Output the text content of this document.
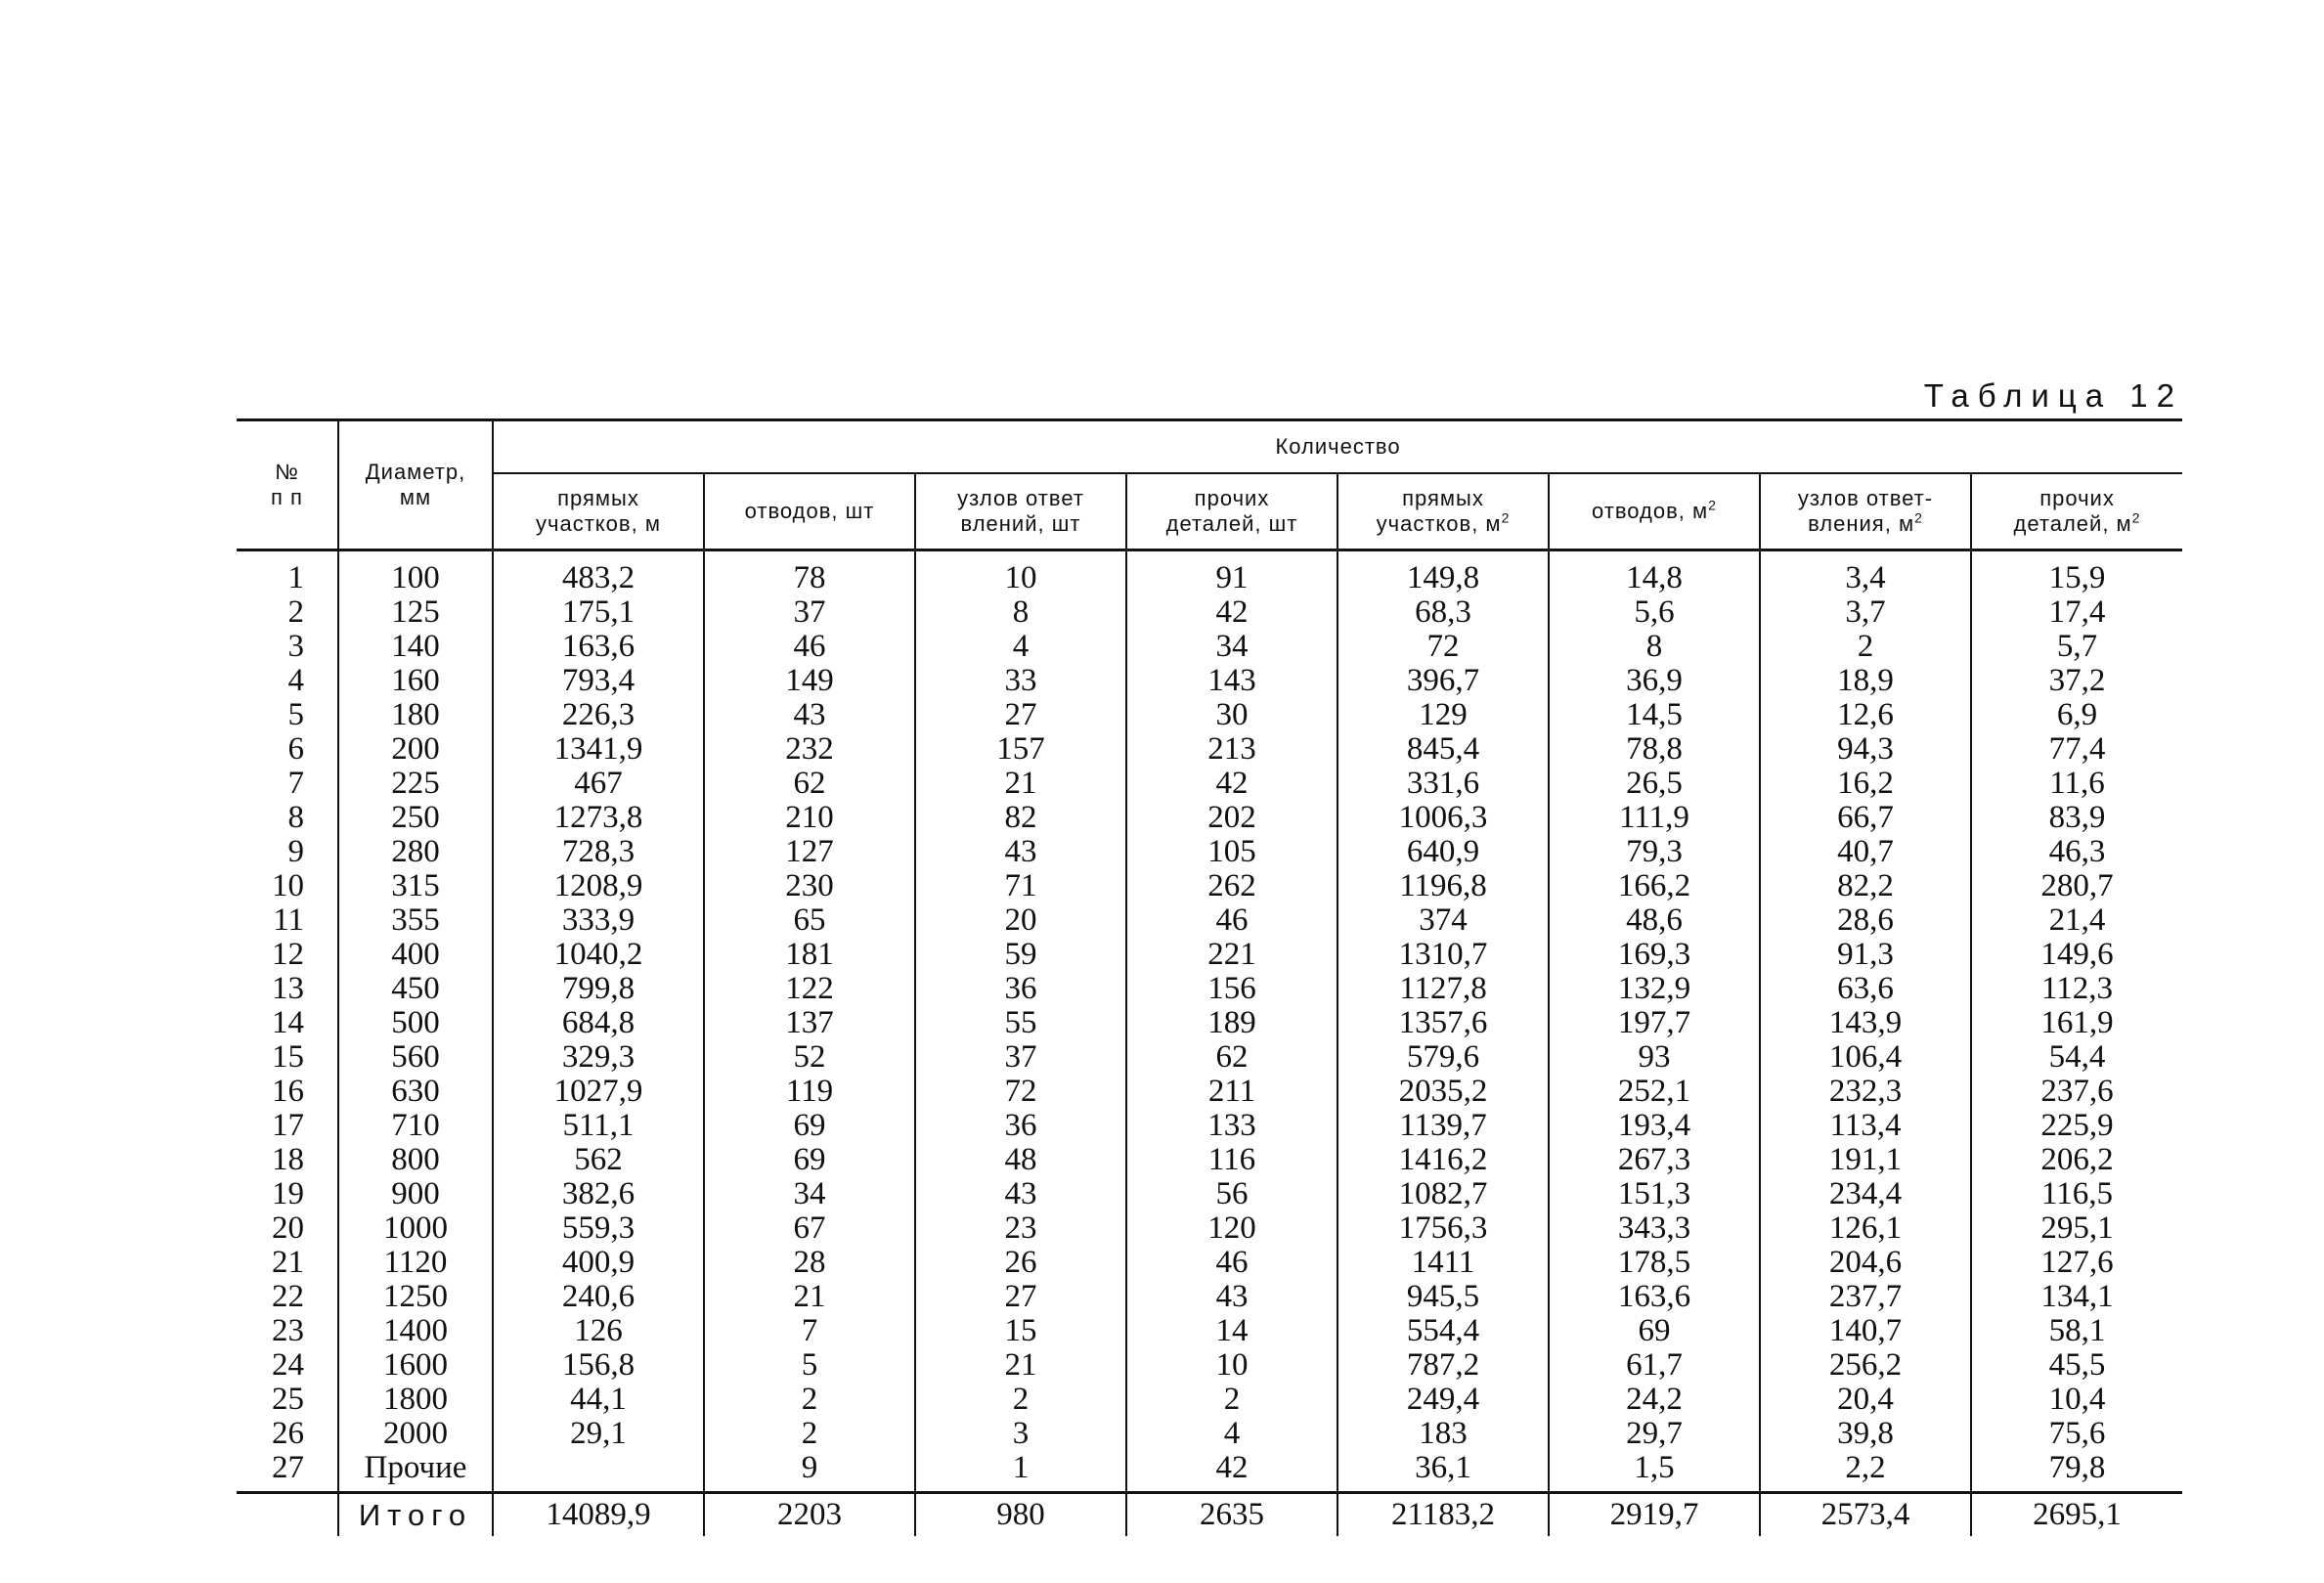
Таблица 12
№ п п	Диаметр, мм	Количество							
		прямых участков, м	отводов, шт	узлов ответ влений, шт	прочих деталей, шт	прямых участков, $м^2$	отводов, $м^2$	узлов ответ-вления, $м^2$	прочих деталей, $м^2$
1	100	483,2	78	10	91	149,8	14,8	3,4	15,9
2	125	175,1	37	8	42	68,3	5,6	3,7	17,4
3	140	163,6	46	4	34	72	8	2	5,7
4	160	793,4	149	33	143	396,7	36,9	18,9	37,2
5	180	226,3	43	27	30	129	14,5	12,6	6,9
6	200	1341,9	232	157	213	845,4	78,8	94,3	77,4
7	225	467	62	21	42	331,6	26,5	16,2	11,6
8	250	1273,8	210	82	202	1006,3	111,9	66,7	83,9
9	280	728,3	127	43	105	640,9	79,3	40,7	46,3
10	315	1208,9	230	71	262	1196,8	166,2	82,2	280,7
11	355	333,9	65	20	46	374	48,6	28,6	21,4
12	400	1040,2	181	59	221	1310,7	169,3	91,3	149,6
13	450	799,8	122	36	156	1127,8	132,9	63,6	112,3
14	500	684,8	137	55	189	1357,6	197,7	143,9	161,9
15	560	329,3	52	37	62	579,6	93	106,4	54,4
16	630	1027,9	119	72	211	2035,2	252,1	232,3	237,6
17	710	511,1	69	36	133	1139,7	193,4	113,4	225,9
18	800	562	69	48	116	1416,2	267,3	191,1	206,2
19	900	382,6	34	43	56	1082,7	151,3	234,4	116,5
20	1000	559,3	67	23	120	1756,3	343,3	126,1	295,1
21	1120	400,9	28	26	46	1411	178,5	204,6	127,6
22	1250	240,6	21	27	43	945,5	163,6	237,7	134,1
23	1400	126	7	15	14	554,4	69	140,7	58,1
24	1600	156,8	5	21	10	787,2	61,7	256,2	45,5
25	1800	44,1	2	2	2	249,4	24,2	20,4	10,4
26	2000	29,1	2	3	4	183	29,7	39,8	75,6
27	Прочие		9	1	42	36,1	1,5	2,2	79,8
	Итого	14089,9	2203	980	2635	21183,2	2919,7	2573,4	2695,1
